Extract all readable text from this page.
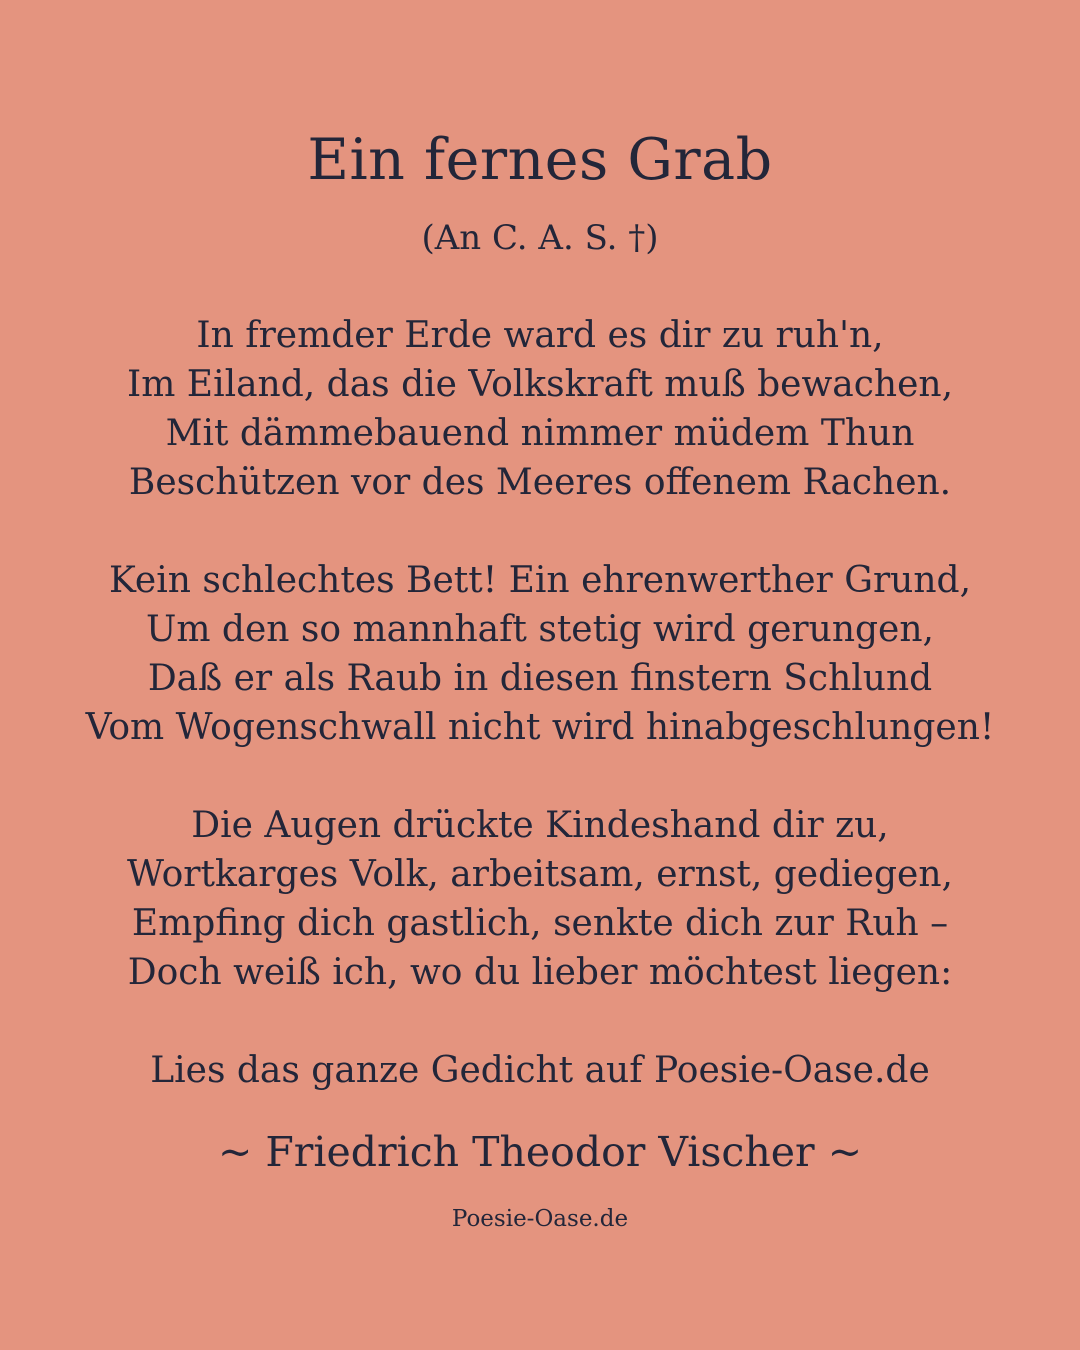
Ein fernes Grab
(An C. A. S. †)
In fremder Erde ward es dir zu ruh'n,
Im Eiland, das die Volkskraft muß bewachen,
Mit dämmebauend nimmer müdem Thun
Beschützen vor des Meeres offenem Rachen.
Kein schlechtes Bett! Ein ehrenwerther Grund,
Um den so mannhaft stetig wird gerungen,
Daß er als Raub in diesen finstern Schlund
Vom Wogenschwall nicht wird hinabgeschlungen!
Die Augen drückte Kindeshand dir zu,
Wortkarges Volk, arbeitsam, ernst, gediegen,
Empfing dich gastlich, senkte dich zur Ruh –
Doch weiß ich, wo du lieber möchtest liegen:
Lies das ganze Gedicht auf Poesie-Oase.de
~ Friedrich Theodor Vischer ~
Poesie-Oase.de
